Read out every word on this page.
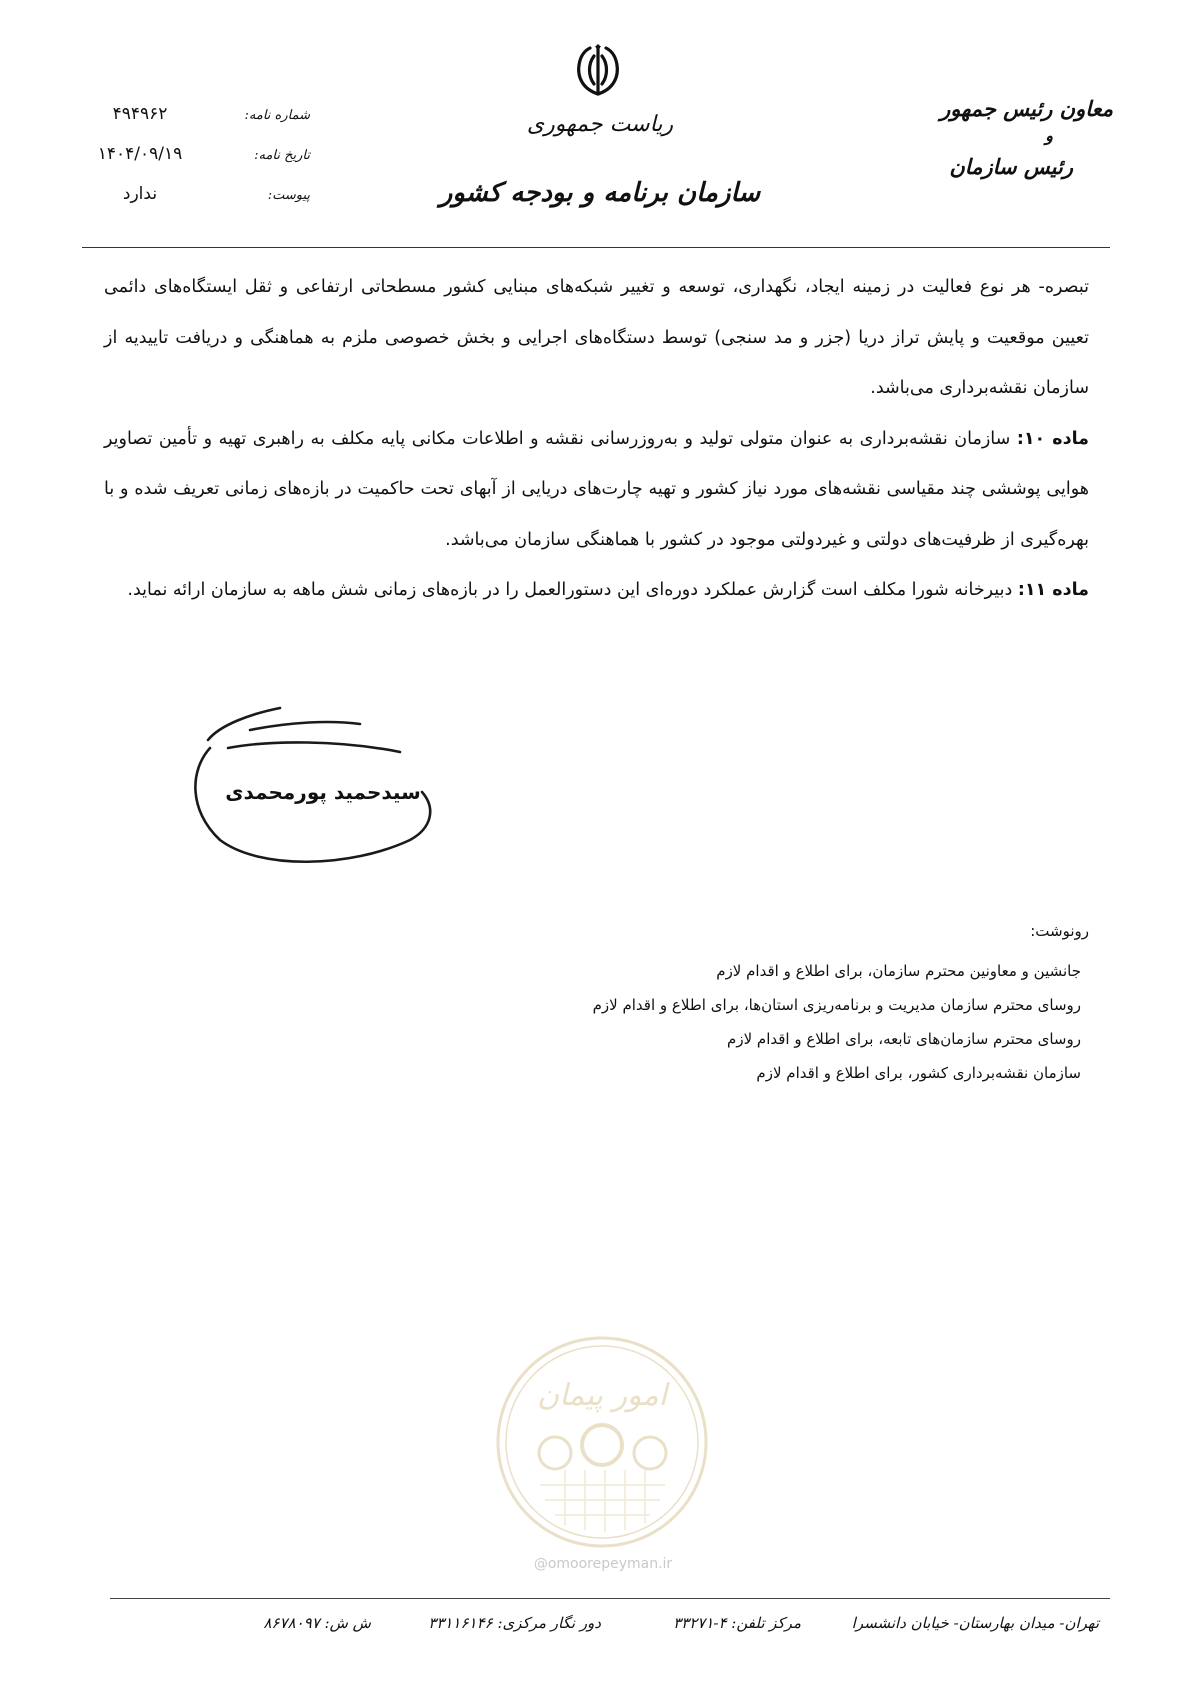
معاون رئیس جمهور
و
رئیس سازمان
ریاست جمهوری
سازمان برنامه و بودجه کشور
شماره نامه:
۴۹۴۹۶۲
تاریخ نامه:
۱۴۰۴/۰۹/۱۹
پیوست:
ندارد

تبصره- هر نوع فعالیت در زمینه ایجاد، نگهداری، توسعه و تغییر شبکه‌های مبنایی کشور مسطحاتی ارتفاعی و ثقل ایستگاه‌های دائمی تعیین موقعیت و پایش تراز دریا (جزر و مد سنجی) توسط دستگاه‌های اجرایی و بخش خصوصی ملزم به هماهنگی و دریافت تاییدیه از سازمان نقشه‌برداری می‌باشد.

ماده ۱۰: سازمان نقشه‌برداری به عنوان متولی تولید و به‌روزرسانی نقشه و اطلاعات مکانی پایه مکلف به راهبری تهیه و تأمین تصاویر هوایی پوششی چند مقیاسی نقشه‌های مورد نیاز کشور و تهیه چارت‌های دریایی از آبهای تحت حاکمیت در بازه‌های زمانی تعریف شده و با بهره‌گیری از ظرفیت‌های دولتی و غیردولتی موجود در کشور با هماهنگی سازمان می‌باشد.

ماده ۱۱: دبیرخانه شورا مکلف است گزارش عملکرد دوره‌ای این دستورالعمل را در بازه‌های زمانی شش ماهه به سازمان ارائه نماید.

سیدحمید پورمحمدی
رونوشت:
جانشین و معاونین محترم سازمان، برای اطلاع و اقدام لازم
روسای محترم سازمان مدیریت و برنامه‌ریزی استان‌ها، برای اطلاع و اقدام لازم
روسای محترم سازمان‌های تابعه، برای اطلاع و اقدام لازم
سازمان نقشه‌برداری کشور، برای اطلاع و اقدام لازم
امور پیمان
@omoorepeyman.ir
تهران- میدان بهارستان- خیابان دانشسرا
مرکز تلفن: ۴-۳۳۲۷۱
دور نگار مرکزی: ۳۳۱۱۶۱۴۶
ش ش: ۸۶۷۸۰۹۷
